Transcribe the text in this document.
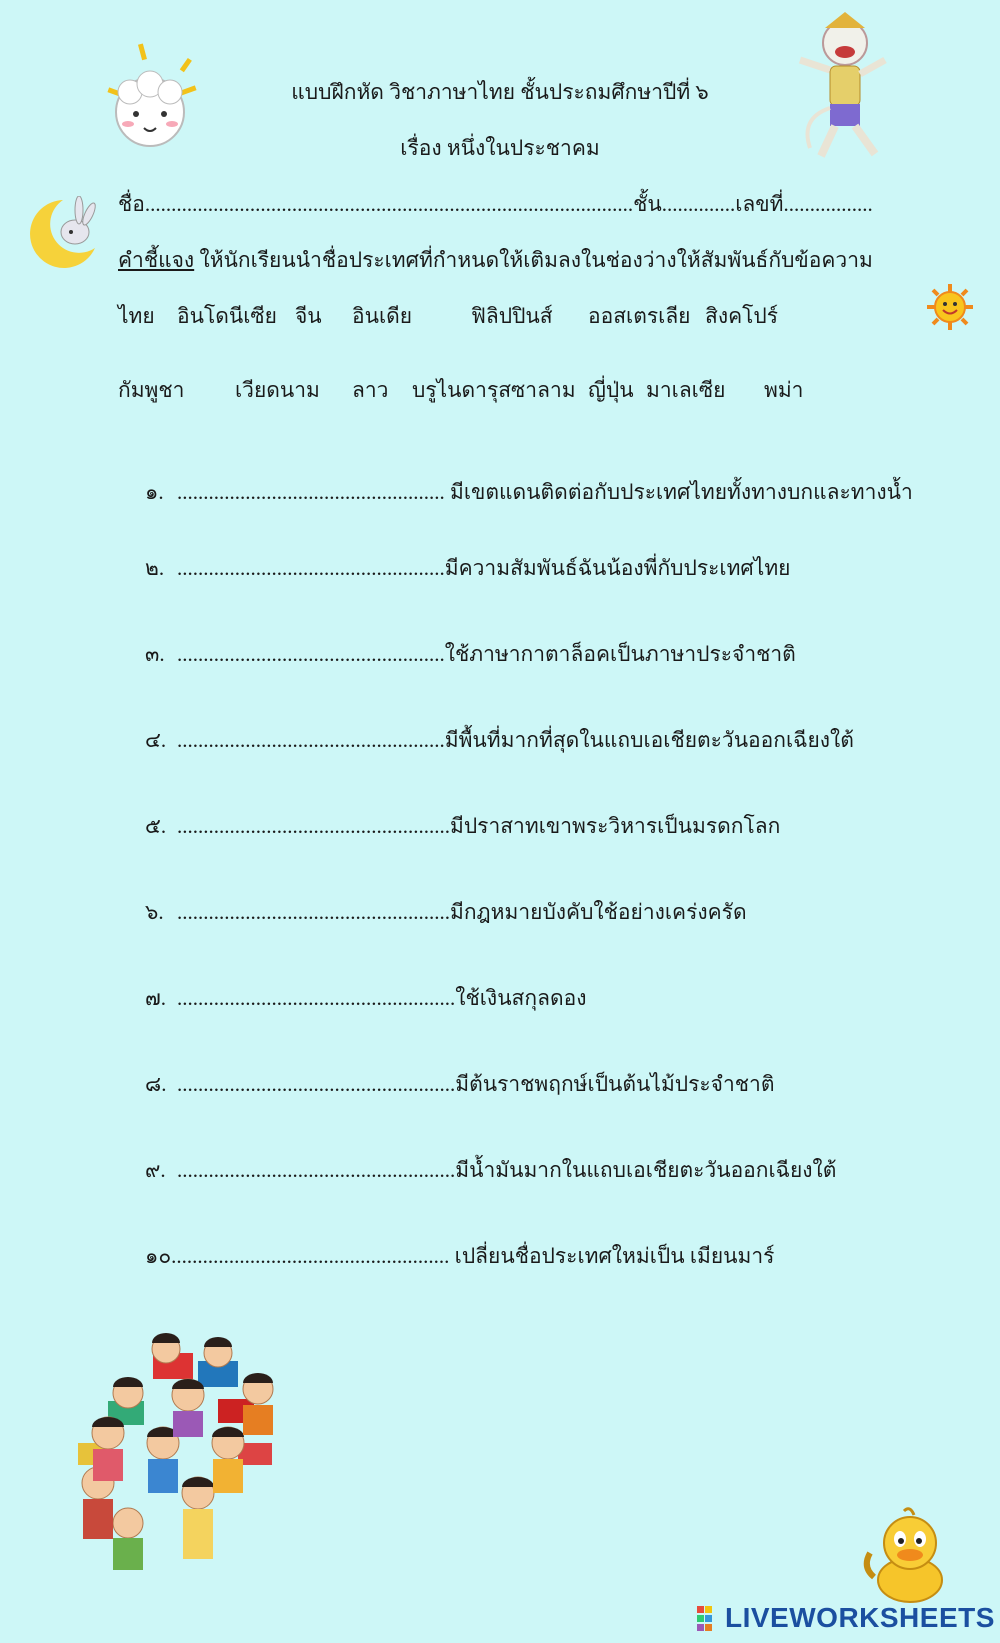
แบบฝึกหัด วิชาภาษาไทย ชั้นประถมศึกษาปีที่ ๖
เรื่อง หนึ่งในประชาคม
ชื่อ.............................................................................................ชั้น..............เลขที่.................
คำชี้แจง ให้นักเรียนนำชื่อประเทศที่กำหนดให้เติมลงในช่องว่างให้สัมพันธ์กับข้อความ
ไทย อินโดนีเซีย จีน อินเดีย	ฟิลิปปินส์ ออสเตรเลีย สิงคโปร์
กัมพูชา เวียดนาม ลาว บรูไนดารุสซาลาม ญี่ปุ่น มาเลเซีย พม่า
๑. ................................................... มีเขตแดนติดต่อกับประเทศไทยทั้งทางบกและทางน้ำ
๒. ...................................................มีความสัมพันธ์ฉันน้องพี่กับประเทศไทย
๓. ...................................................ใช้ภาษากาตาล็อคเป็นภาษาประจำชาติ
๔. ...................................................มีพื้นที่มากที่สุดในแถบเอเชียตะวันออกเฉียงใต้
๕. ....................................................มีปราสาทเขาพระวิหารเป็นมรดกโลก
๖. ....................................................มีกฎหมายบังคับใช้อย่างเคร่งครัด
๗. .....................................................ใช้เงินสกุลดอง
๘. .....................................................มีต้นราชพฤกษ์เป็นต้นไม้ประจำชาติ
๙. .....................................................มีน้ำมันมากในแถบเอเชียตะวันออกเฉียงใต้
๑๐..................................................... เปลี่ยนชื่อประเทศใหม่เป็น เมียนมาร์
LIVEWORKSHEETS
